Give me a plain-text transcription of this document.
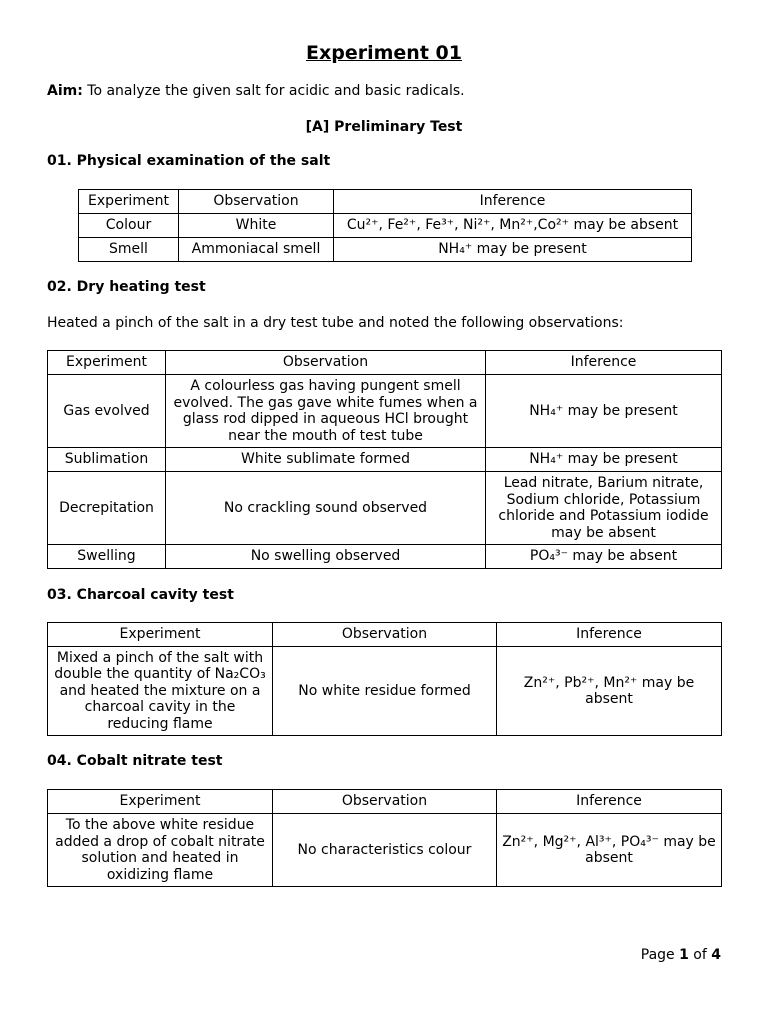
Experiment 01
Aim: To analyze the given salt for acidic and basic radicals.
[A] Preliminary Test
01. Physical examination of the salt
Experiment	Observation	Inference
Colour	White	Cu²⁺, Fe²⁺, Fe³⁺, Ni²⁺, Mn²⁺,Co²⁺ may be absent
Smell	Ammoniacal smell	NH₄⁺ may be present
02. Dry heating test
Heated a pinch of the salt in a dry test tube and noted the following observations:
Experiment	Observation	Inference
Gas evolved	A colourless gas having pungent smell evolved. The gas gave white fumes when a glass rod dipped in aqueous HCl brought near the mouth of test tube	NH₄⁺ may be present
Sublimation	White sublimate formed	NH₄⁺ may be present
Decrepitation	No crackling sound observed	Lead nitrate, Barium nitrate, Sodium chloride, Potassium chloride and Potassium iodide may be absent
Swelling	No swelling observed	PO₄³⁻ may be absent
03. Charcoal cavity test
Experiment	Observation	Inference
Mixed a pinch of the salt with double the quantity of Na₂CO₃ and heated the mixture on a charcoal cavity in the reducing flame	No white residue formed	Zn²⁺, Pb²⁺, Mn²⁺ may be absent
04. Cobalt nitrate test
Experiment	Observation	Inference
To the above white residue added a drop of cobalt nitrate solution and heated in oxidizing flame	No characteristics colour	Zn²⁺, Mg²⁺, Al³⁺, PO₄³⁻ may be absent
Page 1 of 4
